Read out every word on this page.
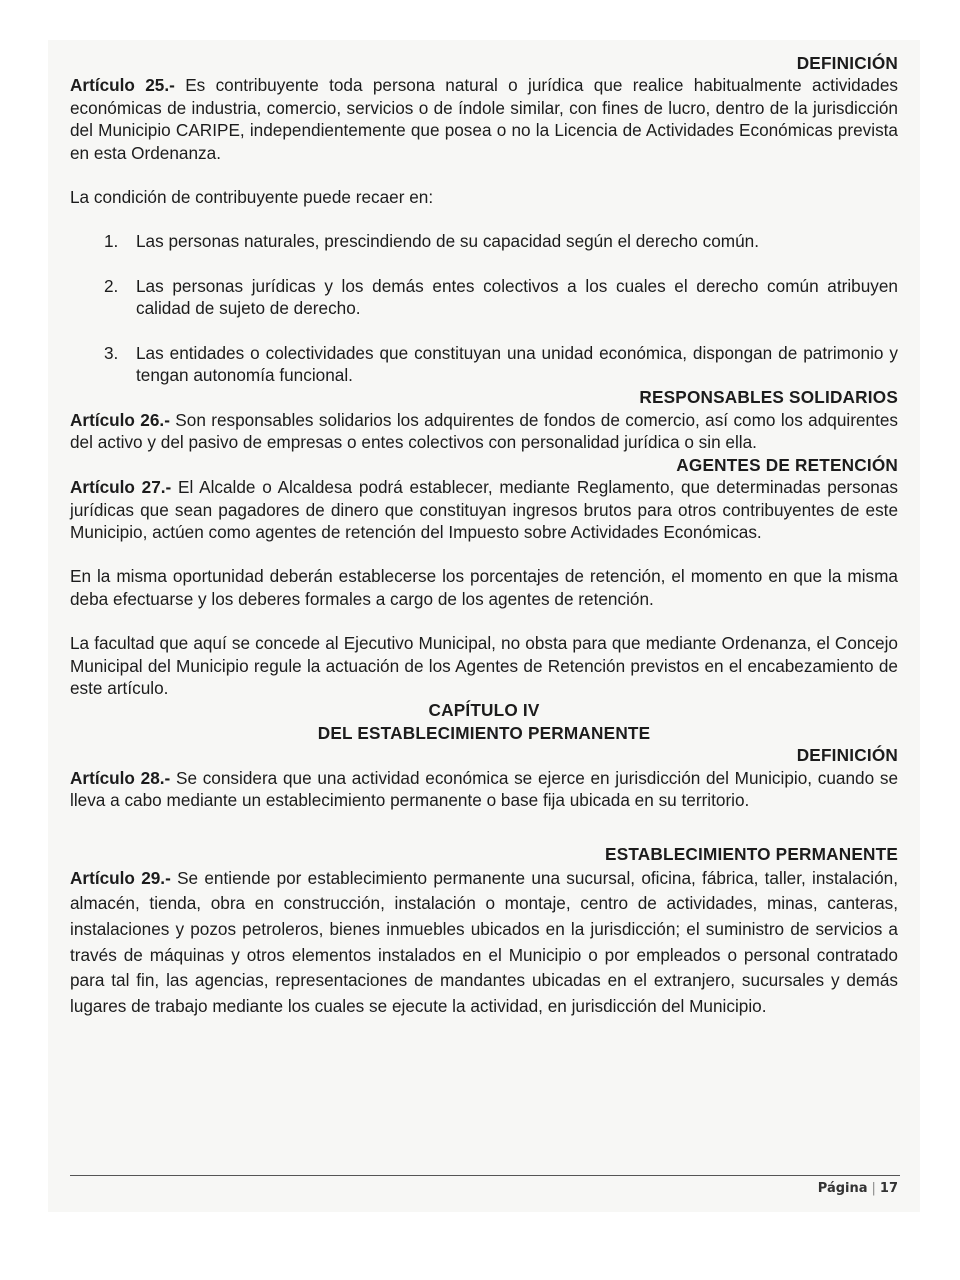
DEFINICIÓN

Artículo 25.- Es contribuyente toda persona natural o jurídica que realice habitualmente actividades económicas de industria, comercio, servicios o de índole similar, con fines de lucro, dentro de la jurisdicción del Municipio CARIPE, independientemente que posea o no la Licencia de Actividades Económicas prevista en esta Ordenanza.

La condición de contribuyente puede recaer en:

1. Las personas naturales, prescindiendo de su capacidad según el derecho común.
2. Las personas jurídicas y los demás entes colectivos a los cuales el derecho común atribuyen calidad de sujeto de derecho.
3. Las entidades o colectividades que constituyan una unidad económica, dispongan de patrimonio y tengan autonomía funcional.
RESPONSABLES SOLIDARIOS

Artículo 26.- Son responsables solidarios los adquirentes de fondos de comercio, así como los adquirentes del activo y del pasivo de empresas o entes colectivos con personalidad jurídica o sin ella.

AGENTES DE RETENCIÓN

Artículo 27.- El Alcalde o Alcaldesa podrá establecer, mediante Reglamento, que determinadas personas jurídicas que sean pagadores de dinero que constituyan ingresos brutos para otros contribuyentes de este Municipio, actúen como agentes de retención del Impuesto sobre Actividades Económicas.

En la misma oportunidad deberán establecerse los porcentajes de retención, el momento en que la misma deba efectuarse y los deberes formales a cargo de los agentes de retención.

La facultad que aquí se concede al Ejecutivo Municipal, no obsta para que mediante Ordenanza, el Concejo Municipal del Municipio regule la actuación de los Agentes de Retención previstos en el encabezamiento de este artículo.

CAPÍTULO IV
DEL ESTABLECIMIENTO PERMANENTE
DEFINICIÓN

Artículo 28.- Se considera que una actividad económica se ejerce en jurisdicción del Municipio, cuando se lleva a cabo mediante un establecimiento permanente o base fija ubicada en su territorio.

ESTABLECIMIENTO PERMANENTE

Artículo 29.- Se entiende por establecimiento permanente una sucursal, oficina, fábrica, taller, instalación, almacén, tienda, obra en construcción, instalación o montaje, centro de actividades, minas, canteras, instalaciones y pozos petroleros, bienes inmuebles ubicados en la jurisdicción; el suministro de servicios a través de máquinas y otros elementos instalados en el Municipio o por empleados o personal contratado para tal fin, las agencias, representaciones de mandantes ubicadas en el extranjero, sucursales y demás lugares de trabajo mediante los cuales se ejecute la actividad, en jurisdicción del Municipio.

Página | 17
